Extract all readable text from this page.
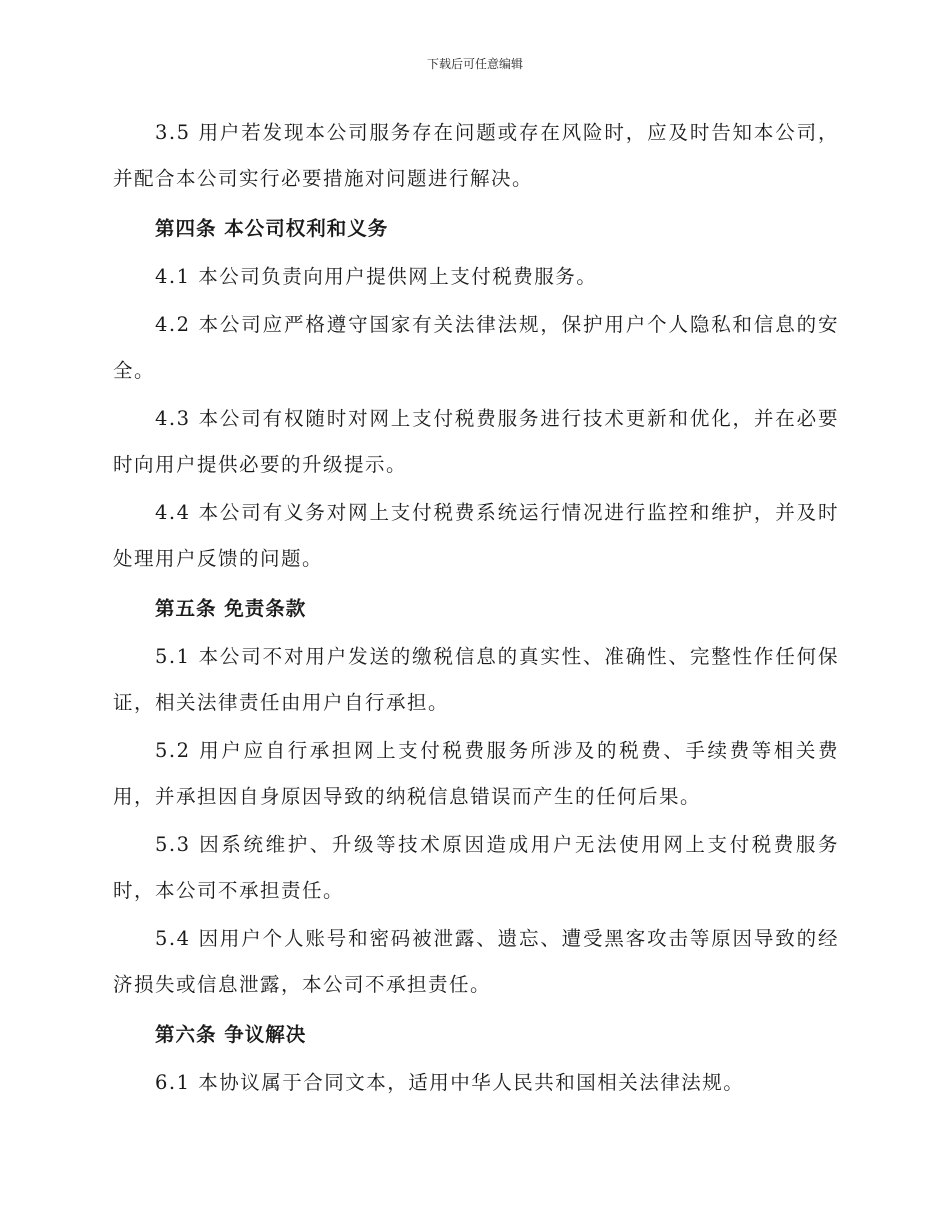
下载后可任意编辑

3.5 用户若发现本公司服务存在问题或存在风险时，应及时告知本公司，并配合本公司实行必要措施对问题进行解决。

第四条 本公司权利和义务

4.1 本公司负责向用户提供网上支付税费服务。

4.2 本公司应严格遵守国家有关法律法规，保护用户个人隐私和信息的安全。

4.3 本公司有权随时对网上支付税费服务进行技术更新和优化，并在必要时向用户提供必要的升级提示。

4.4 本公司有义务对网上支付税费系统运行情况进行监控和维护，并及时处理用户反馈的问题。

第五条 免责条款

5.1 本公司不对用户发送的缴税信息的真实性、准确性、完整性作任何保证，相关法律责任由用户自行承担。

5.2 用户应自行承担网上支付税费服务所涉及的税费、手续费等相关费用，并承担因自身原因导致的纳税信息错误而产生的任何后果。

5.3 因系统维护、升级等技术原因造成用户无法使用网上支付税费服务时，本公司不承担责任。

5.4 因用户个人账号和密码被泄露、遗忘、遭受黑客攻击等原因导致的经济损失或信息泄露，本公司不承担责任。

第六条 争议解决

6.1 本协议属于合同文本，适用中华人民共和国相关法律法规。
